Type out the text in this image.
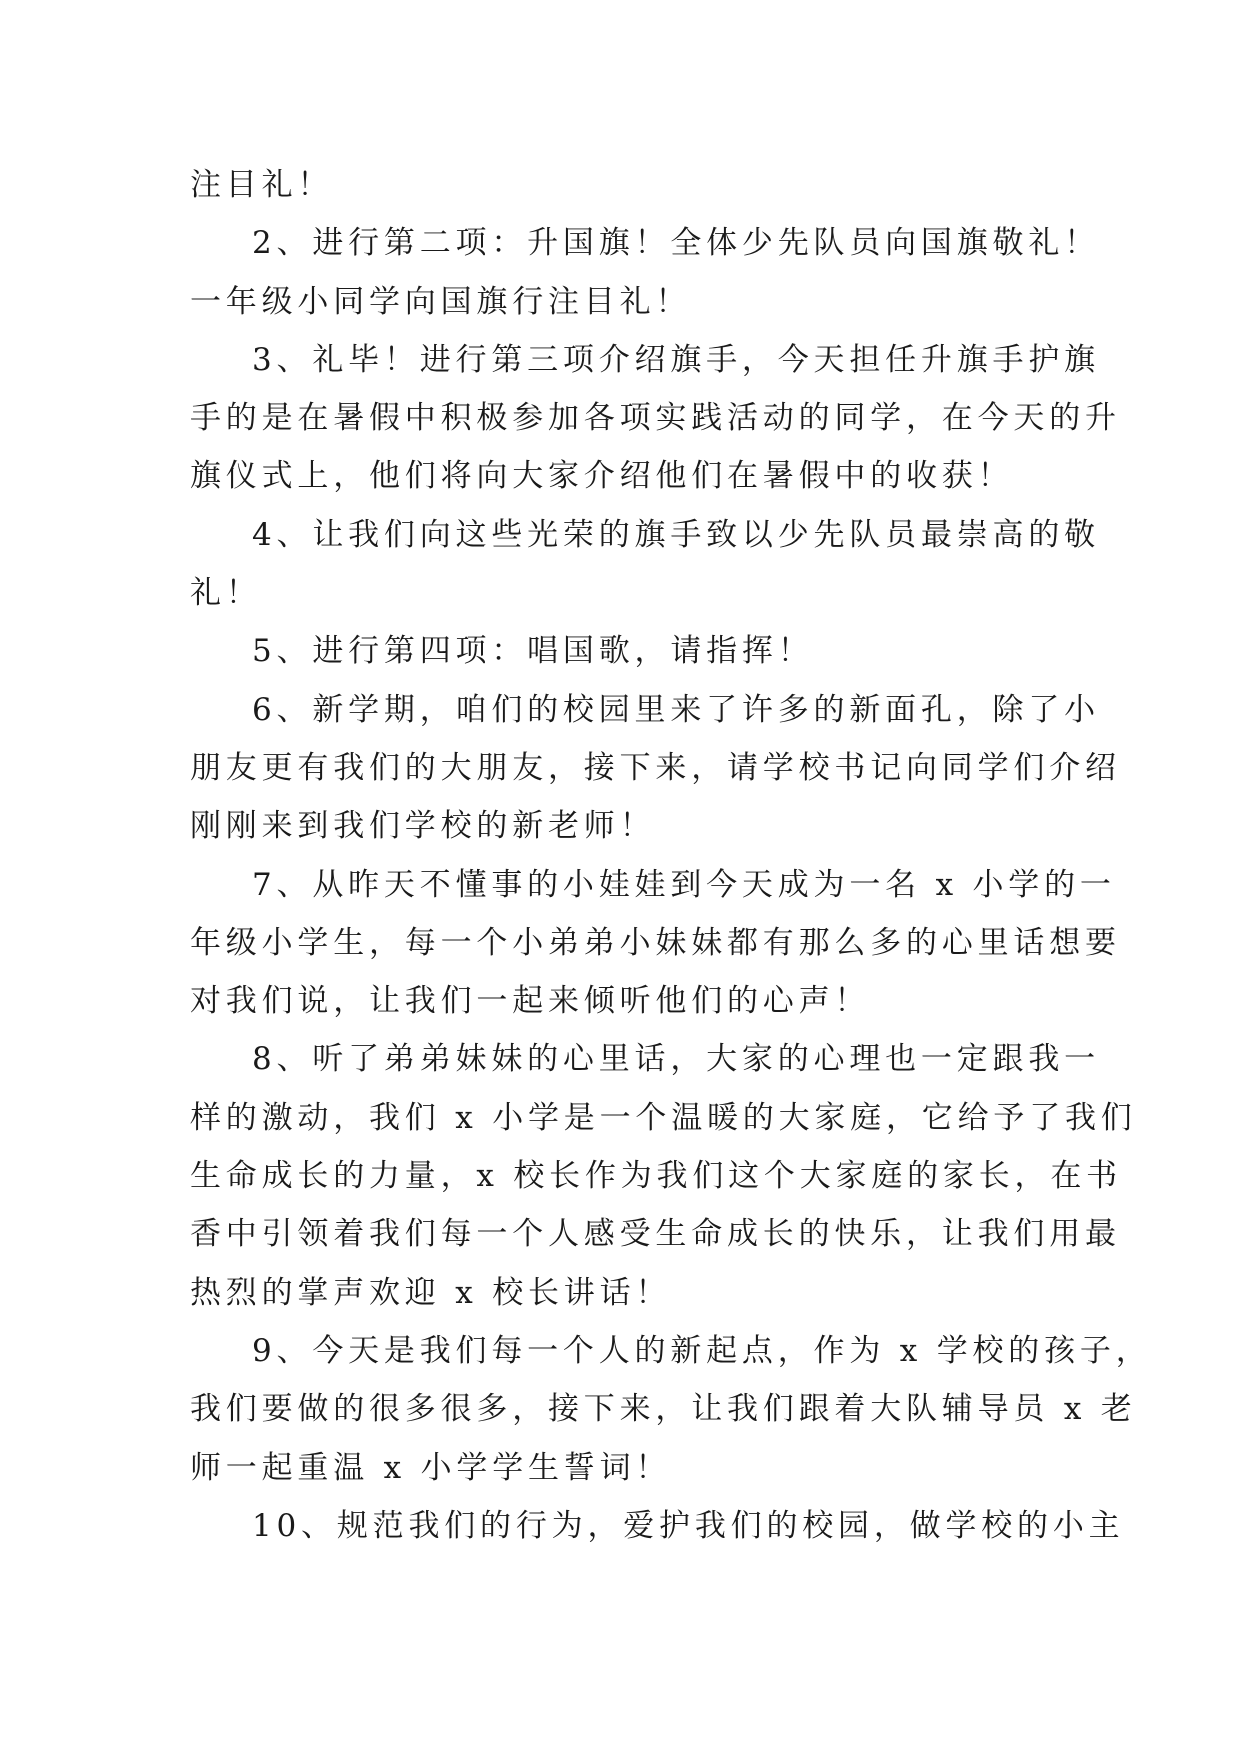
注目礼！
2、进行第二项：升国旗！全体少先队员向国旗敬礼！
一年级小同学向国旗行注目礼！
3、礼毕！进行第三项介绍旗手，今天担任升旗手护旗
手的是在暑假中积极参加各项实践活动的同学，在今天的升
旗仪式上，他们将向大家介绍他们在暑假中的收获！
4、让我们向这些光荣的旗手致以少先队员最崇高的敬
礼！
5、进行第四项：唱国歌，请指挥！
6、新学期，咱们的校园里来了许多的新面孔，除了小
朋友更有我们的大朋友，接下来，请学校书记向同学们介绍
刚刚来到我们学校的新老师！
7、从昨天不懂事的小娃娃到今天成为一名 x 小学的一
年级小学生，每一个小弟弟小妹妹都有那么多的心里话想要
对我们说，让我们一起来倾听他们的心声！
8、听了弟弟妹妹的心里话，大家的心理也一定跟我一
样的激动，我们 x 小学是一个温暖的大家庭，它给予了我们
生命成长的力量，x 校长作为我们这个大家庭的家长，在书
香中引领着我们每一个人感受生命成长的快乐，让我们用最
热烈的掌声欢迎 x 校长讲话！
9、今天是我们每一个人的新起点，作为 x 学校的孩子，
我们要做的很多很多，接下来，让我们跟着大队辅导员 x 老
师一起重温 x 小学学生誓词！
10、规范我们的行为，爱护我们的校园，做学校的小主
